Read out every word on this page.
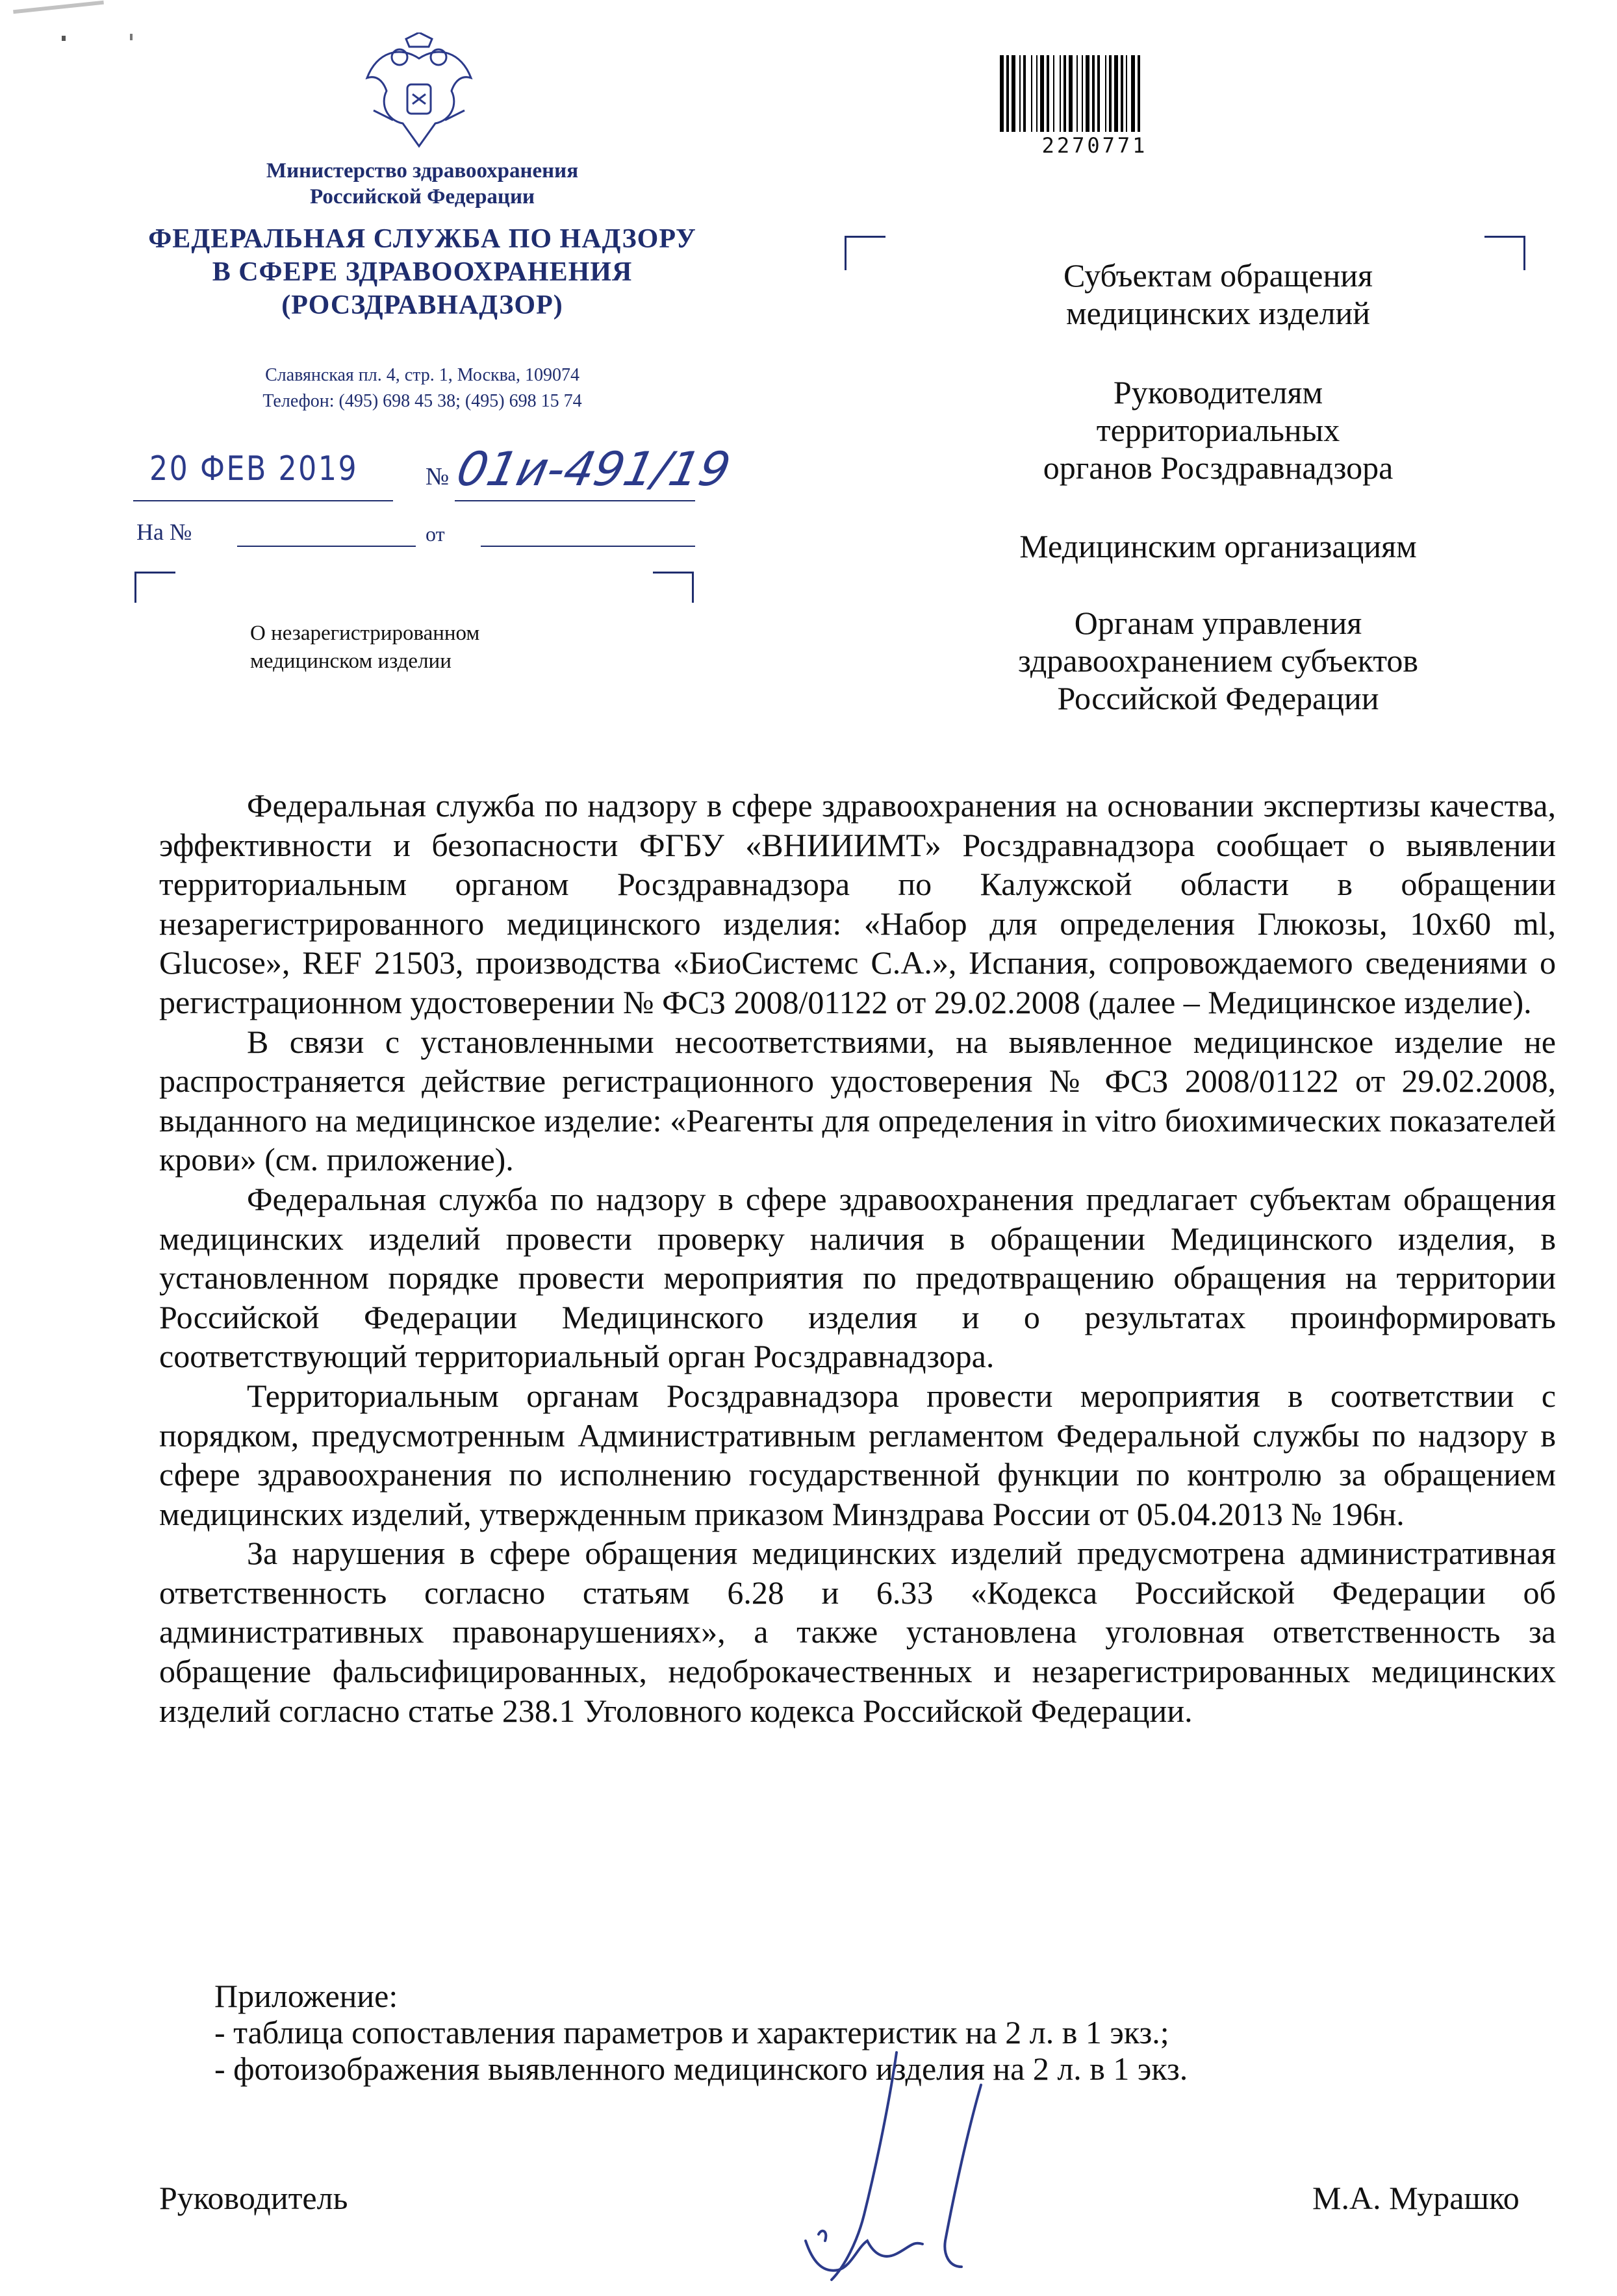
Министерство здравоохранения

Российской Федерации

ФЕДЕРАЛЬНАЯ СЛУЖБА ПО НАДЗОРУ

В СФЕРЕ ЗДРАВООХРАНЕНИЯ

(РОСЗДРАВНАДЗОР)

Славянская пл. 4, стр. 1, Москва, 109074

Телефон: (495) 698 45 38; (495) 698 15 74

20 ФЕВ 2019	№ 01и-491/19
На №	от

О незарегистрированном

медицинском изделии

2270771
Субъектам обращения
медицинских изделий
Руководителям
территориальных
органов Росздравнадзора
Медицинским организациям
Органам управления
здравоохранением субъектов
Российской Федерации

Федеральная служба по надзору в сфере здравоохранения на основании экспертизы качества, эффективности и безопасности ФГБУ «ВНИИИМТ» Росздравнадзора сообщает о выявлении территориальным органом Росздравнадзора по Калужской области в обращении незарегистрированного медицинского изделия: «Набор для определения Глюкозы, 10x60 ml, Glucose», REF 21503, производства «БиоСистемс С.А.», Испания, сопровождаемого сведениями о регистрационном удостоверении № ФСЗ 2008/01122 от 29.02.2008 (далее – Медицинское изделие).

В связи с установленными несоответствиями, на выявленное медицинское изделие не распространяется действие регистрационного удостоверения № ФСЗ 2008/01122 от 29.02.2008, выданного на медицинское изделие: «Реагенты для определения in vitro биохимических показателей крови» (см. приложение).

Федеральная служба по надзору в сфере здравоохранения предлагает субъектам обращения медицинских изделий провести проверку наличия в обращении Медицинского изделия, в установленном порядке провести мероприятия по предотвращению обращения на территории Российской Федерации Медицинского изделия и о результатах проинформировать соответствующий территориальный орган Росздравнадзора.

Территориальным органам Росздравнадзора провести мероприятия в соответствии с порядком, предусмотренным Административным регламентом Федеральной службы по надзору в сфере здравоохранения по исполнению государственной функции по контролю за обращением медицинских изделий, утвержденным приказом Минздрава России от 05.04.2013 № 196н.

За нарушения в сфере обращения медицинских изделий предусмотрена административная ответственность согласно статьям 6.28 и 6.33 «Кодекса Российской Федерации об административных правонарушениях», а также установлена уголовная ответственность за обращение фальсифицированных, недоброкачественных и незарегистрированных медицинских изделий согласно статье 238.1 Уголовного кодекса Российской Федерации.

Приложение:
- таблица сопоставления параметров и характеристик на 2 л. в 1 экз.;
- фотоизображения выявленного медицинского изделия на 2 л. в 1 экз.
Руководитель	М.А. Мурашко
